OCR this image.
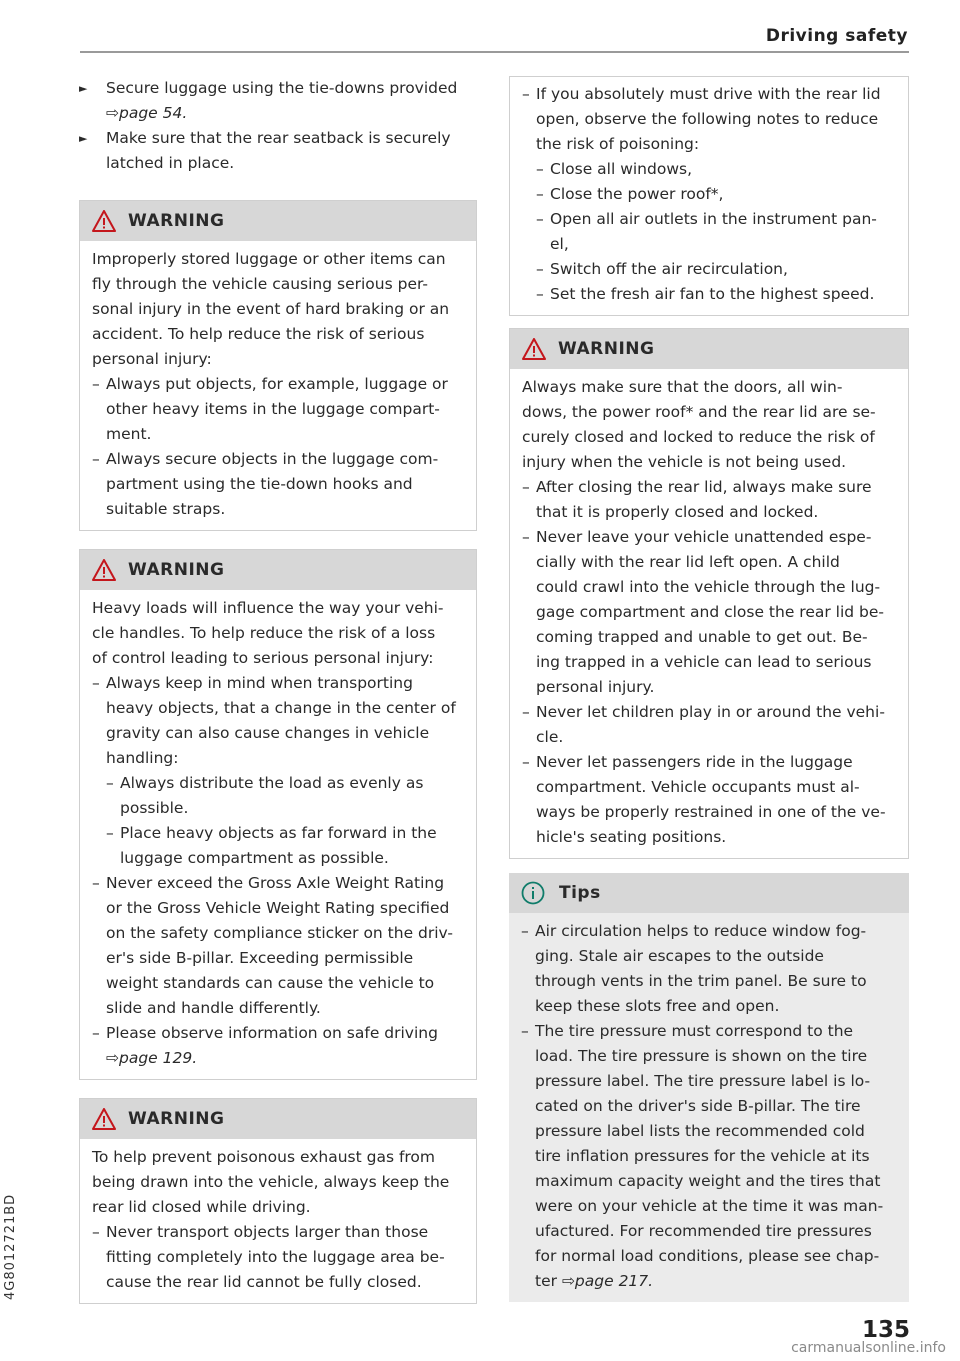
Driving safety
► Secure luggage using the tie-downs provided
⇨page 54.
► Make sure that the rear seatback is securely
latched in place.
WARNING

Improperly stored luggage or other items can

fly through the vehicle causing serious per-

sonal injury in the event of hard braking or an

accident. To help reduce the risk of serious

personal injury:

– Always put objects, for example, luggage or
other heavy items in the luggage compart-
ment.
– Always secure objects in the luggage com-
partment using the tie-down hooks and
suitable straps.
WARNING

Heavy loads will influence the way your vehi-

cle handles. To help reduce the risk of a loss

of control leading to serious personal injury:

– Always keep in mind when transporting
heavy objects, that a change in the center of
gravity can also cause changes in vehicle
handling:
– Always distribute the load as evenly as
possible.
– Place heavy objects as far forward in the
luggage compartment as possible.
– Never exceed the Gross Axle Weight Rating
or the Gross Vehicle Weight Rating specified
on the safety compliance sticker on the driv-
er's side B-pillar. Exceeding permissible
weight standards can cause the vehicle to
slide and handle differently.
– Please observe information on safe driving
⇨page 129.
WARNING

To help prevent poisonous exhaust gas from

being drawn into the vehicle, always keep the

rear lid closed while driving.

– Never transport objects larger than those
fitting completely into the luggage area be-
cause the rear lid cannot be fully closed.
– If you absolutely must drive with the rear lid
open, observe the following notes to reduce
the risk of poisoning:
– Close all windows,
– Close the power roof*,
– Open all air outlets in the instrument pan-
el,
– Switch off the air recirculation,
– Set the fresh air fan to the highest speed.
WARNING

Always make sure that the doors, all win-

dows, the power roof* and the rear lid are se-

curely closed and locked to reduce the risk of

injury when the vehicle is not being used.

– After closing the rear lid, always make sure
that it is properly closed and locked.
– Never leave your vehicle unattended espe-
cially with the rear lid left open. A child
could crawl into the vehicle through the lug-
gage compartment and close the rear lid be-
coming trapped and unable to get out. Be-
ing trapped in a vehicle can lead to serious
personal injury.
– Never let children play in or around the vehi-
cle.
– Never let passengers ride in the luggage
compartment. Vehicle occupants must al-
ways be properly restrained in one of the ve-
hicle's seating positions.
Tips
– Air circulation helps to reduce window fog-
ging. Stale air escapes to the outside
through vents in the trim panel. Be sure to
keep these slots free and open.
– The tire pressure must correspond to the
load. The tire pressure is shown on the tire
pressure label. The tire pressure label is lo-
cated on the driver's side B-pillar. The tire
pressure label lists the recommended cold
tire inflation pressures for the vehicle at its
maximum capacity weight and the tires that
were on your vehicle at the time it was man-
ufactured. For recommended tire pressures
for normal load conditions, please see chap-
ter ⇨page 217.
4G8012721BD
135
carmanualsonline.info
